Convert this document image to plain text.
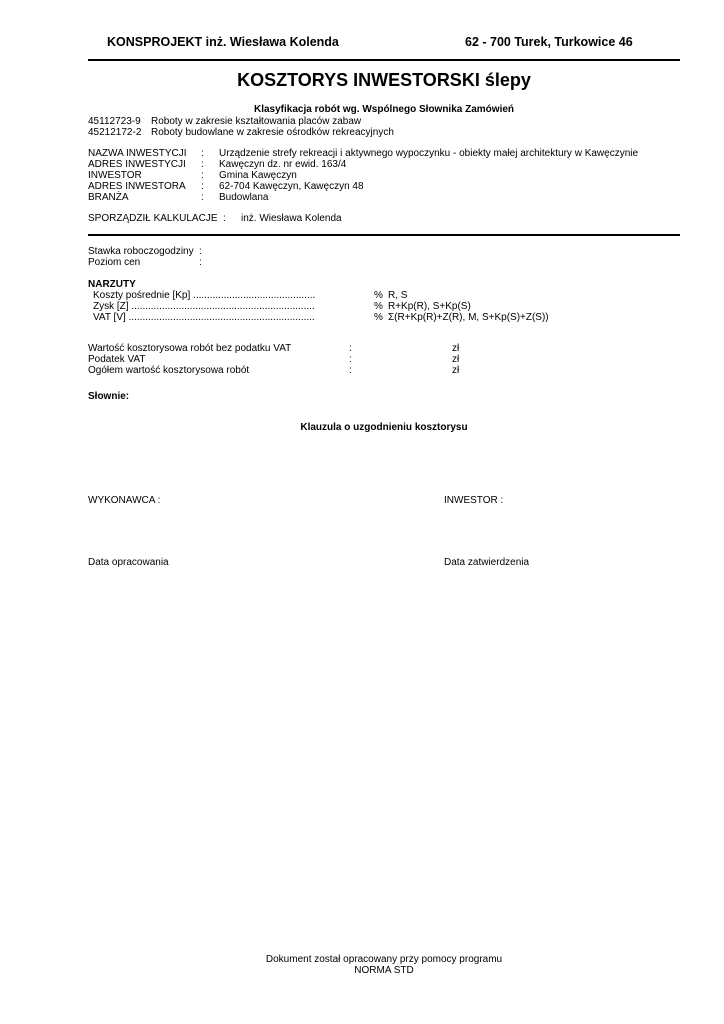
KONSPROJEKT inż. Wiesława Kolenda	62 - 700 Turek, Turkowice 46
KOSZTORYS INWESTORSKI ślepy
Klasyfikacja robót wg. Wspólnego Słownika Zamówień
45112723-9 Roboty w zakresie kształtowania placów zabaw
45212172-2 Roboty budowlane w zakresie ośrodków rekreacyjnych
NAZWA INWESTYCJI : Urządzenie strefy rekreacji i aktywnego wypoczynku - obiekty małej architektury w Kawęczynie
ADRES INWESTYCJI : Kawęczyn dz. nr ewid. 163/4
INWESTOR	: Gmina Kawęczyn
ADRES INWESTORA : 62-704 Kawęczyn, Kawęczyn 48
BRANŻA	: Budowlana
SPORZĄDZIŁ KALKULACJE : inż. Wiesława Kolenda
Stawka roboczogodziny :
Poziom cen	:
NARZUTY
Koszty pośrednie [Kp] ............................................	% R, S
Zysk [Z] ..................................................................	% R+Kp(R), S+Kp(S)
VAT [V] ...................................................................	% Σ(R+Kp(R)+Z(R), M, S+Kp(S)+Z(S))
Wartość kosztorysowa robót bez podatku VAT	:	zł
Podatek VAT	:	zł
Ogółem wartość kosztorysowa robót	:	zł
Słownie:
Klauzula o uzgodnieniu kosztorysu
WYKONAWCA :	INWESTOR :
Data opracowania	Data zatwierdzenia
Dokument został opracowany przy pomocy programu
NORMA STD
